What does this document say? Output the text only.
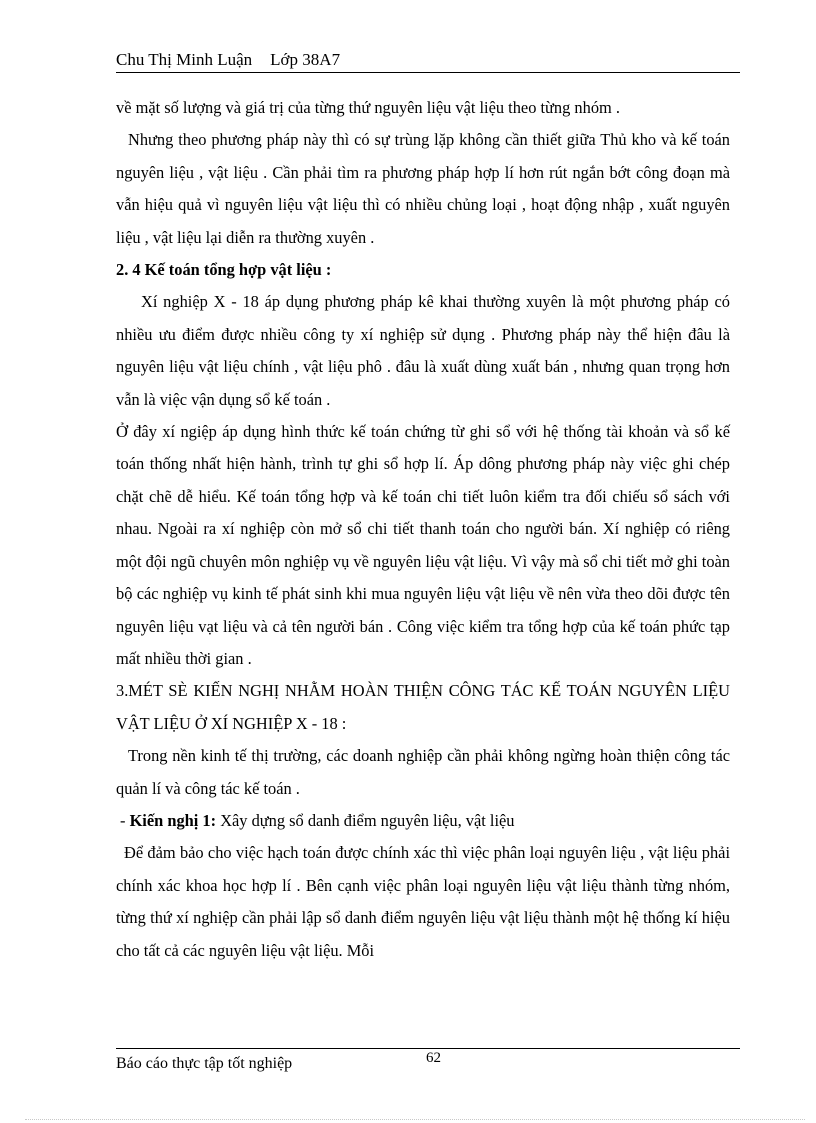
Chu Thị Minh Luận Lớp 38A7

về mặt số lượng và giá trị của từng thứ nguyên liệu vật liệu theo từng nhóm .

Nhưng theo phương pháp này thì có sự trùng lặp không cần thiết giữa Thủ kho và kế toán nguyên liệu , vật liệu . Cần phải tìm ra phương pháp hợp lí hơn rút ngắn bớt công đoạn mà vẫn hiệu quả vì nguyên liệu vật liệu thì có nhiều chủng loại , hoạt động nhập , xuất nguyên liệu , vật liệu lại diễn ra thường xuyên .

2. 4 Kế toán tổng hợp vật liệu :

Xí nghiệp X - 18 áp dụng phương pháp kê khai thường xuyên là một phương pháp có nhiều ưu điểm được nhiều công ty xí nghiệp sử dụng . Phương pháp này thể hiện đâu là nguyên liệu vật liệu chính , vật liệu phô . đâu là xuất dùng xuất bán , nhưng quan trọng hơn vẫn là việc vận dụng sổ kế toán .

Ở đây xí ngiệp áp dụng hình thức kế toán chứng từ ghi sổ với hệ thống tài khoản và sổ kế toán thống nhất hiện hành, trình tự ghi sổ hợp lí. Áp dông phương pháp này việc ghi chép chặt chẽ dễ hiểu. Kế toán tổng hợp và kế toán chi tiết luôn kiểm tra đối chiếu sổ sách với nhau. Ngoài ra xí nghiệp còn mở sổ chi tiết thanh toán cho người bán. Xí nghiệp có riêng một đội ngũ chuyên môn nghiệp vụ về nguyên liệu vật liệu. Vì vậy mà sổ chi tiết mở ghi toàn bộ các nghiệp vụ kinh tế phát sinh khi mua nguyên liệu vật liệu về nên vừa theo dõi được tên nguyên liệu vạt liệu và cả tên người bán . Công việc kiểm tra tổng hợp của kế toán phức tạp mất nhiều thời gian .

3.MÉT SÈ KIẾN NGHỊ NHẰM HOÀN THIỆN CÔNG TÁC KẾ TOÁN NGUYÊN LIỆU VẬT LIỆU Ở XÍ NGHIỆP X - 18 :

Trong nền kinh tế thị trường, các doanh nghiệp cần phải không ngừng hoàn thiện công tác quản lí và công tác kế toán .

- Kiến nghị 1: Xây dựng sổ danh điểm nguyên liệu, vật liệu

Để đảm bảo cho việc hạch toán được chính xác thì việc phân loại nguyên liệu , vật liệu phải chính xác khoa học hợp lí . Bên cạnh việc phân loại nguyên liệu vật liệu thành từng nhóm, từng thứ xí nghiệp cần phải lập sổ danh điểm nguyên liệu vật liệu thành một hệ thống kí hiệu cho tất cả các nguyên liệu vật liệu. Mỗi

Báo cáo thực tập tốt nghiệp	62
